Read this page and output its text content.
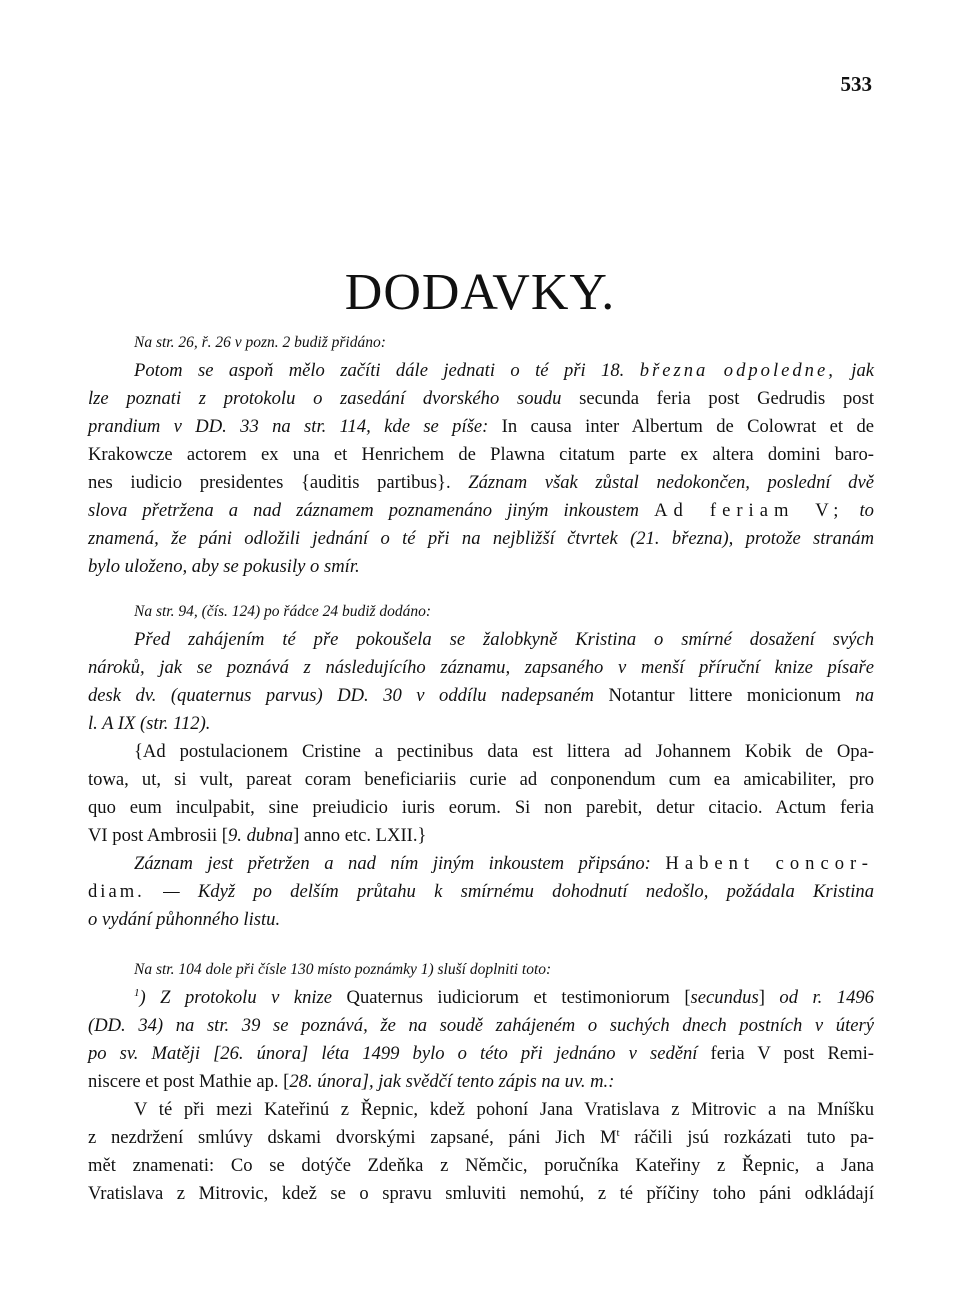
533
DODAVKY.
Na str. 26, ř. 26 v pozn. 2 budiž přidáno:
Potom se aspoň mělo začíti dále jednati o té při 18. března odpoledne, jak
lze poznati z protokolu o zasedání dvorského soudu secunda feria post Gedrudis post
prandium v DD. 33 na str. 114, kde se píše: In causa inter Albertum de Colowrat et de
Krakowcze actorem ex una et Henrichem de Plawna citatum parte ex altera domini baro-
nes iudicio presidentes {auditis partibus}. Záznam však zůstal nedokončen, poslední dvě
slova přetržena a nad záznamem poznamenáno jiným inkoustem Ad feriam V; to
znamená, že páni odložili jednání o té při na nejbližší čtvrtek (21. března), protože stranám
bylo uloženo, aby se pokusily o smír.
Na str. 94, (čís. 124) po řádce 24 budiž dodáno:
Před zahájením té pře pokoušela se žalobkyně Kristina o smírné dosažení svých
nároků, jak se poznává z následujícího záznamu, zapsaného v menší příruční knize písaře
desk dv. (quaternus parvus) DD. 30 v oddílu nadepsaném Notantur littere monicionum na
l. A IX (str. 112).
{Ad postulacionem Cristine a pectinibus data est littera ad Johannem Kobik de Opa-
towa, ut, si vult, pareat coram beneficiariis curie ad conponendum cum ea amicabiliter, pro
quo eum inculpabit, sine preiudicio iuris eorum. Si non parebit, detur citacio. Actum feria
VI post Ambrosii [9. dubna] anno etc. LXII.}
Záznam jest přetržen a nad ním jiným inkoustem připsáno: Habent concor-
diam. — Když po delším průtahu k smírnému dohodnutí nedošlo, požádala Kristina
o vydání půhonného listu.
Na str. 104 dole při čísle 130 místo poznámky 1) sluší doplniti toto:
$^1$) Z protokolu v knize Quaternus iudiciorum et testimoniorum [secundus] od r. 1496
(DD. 34) na str. 39 se poznává, že na soudě zahájeném o suchých dnech postních v úterý
po sv. Matěji [26. února] léta 1499 bylo o této při jednáno v sedění feria V post Remi-
niscere et post Mathie ap. [28. února], jak svědčí tento zápis na uv. m.:
V té při mezi Kateřinú z Řepnic, kdež pohoní Jana Vratislava z Mitrovic a na Mníšku
z nezdržení smlúvy dskami dvorskými zapsané, páni Jich $M^t$ ráčili jsú rozkázati tuto pa-
mět znamenati: Co se dotýče Zdeňka z Němčic, poručníka Kateřiny z Řepnic, a Jana
Vratislava z Mitrovic, kdež se o spravu smluviti nemohú, z té příčiny toho páni odkládají
